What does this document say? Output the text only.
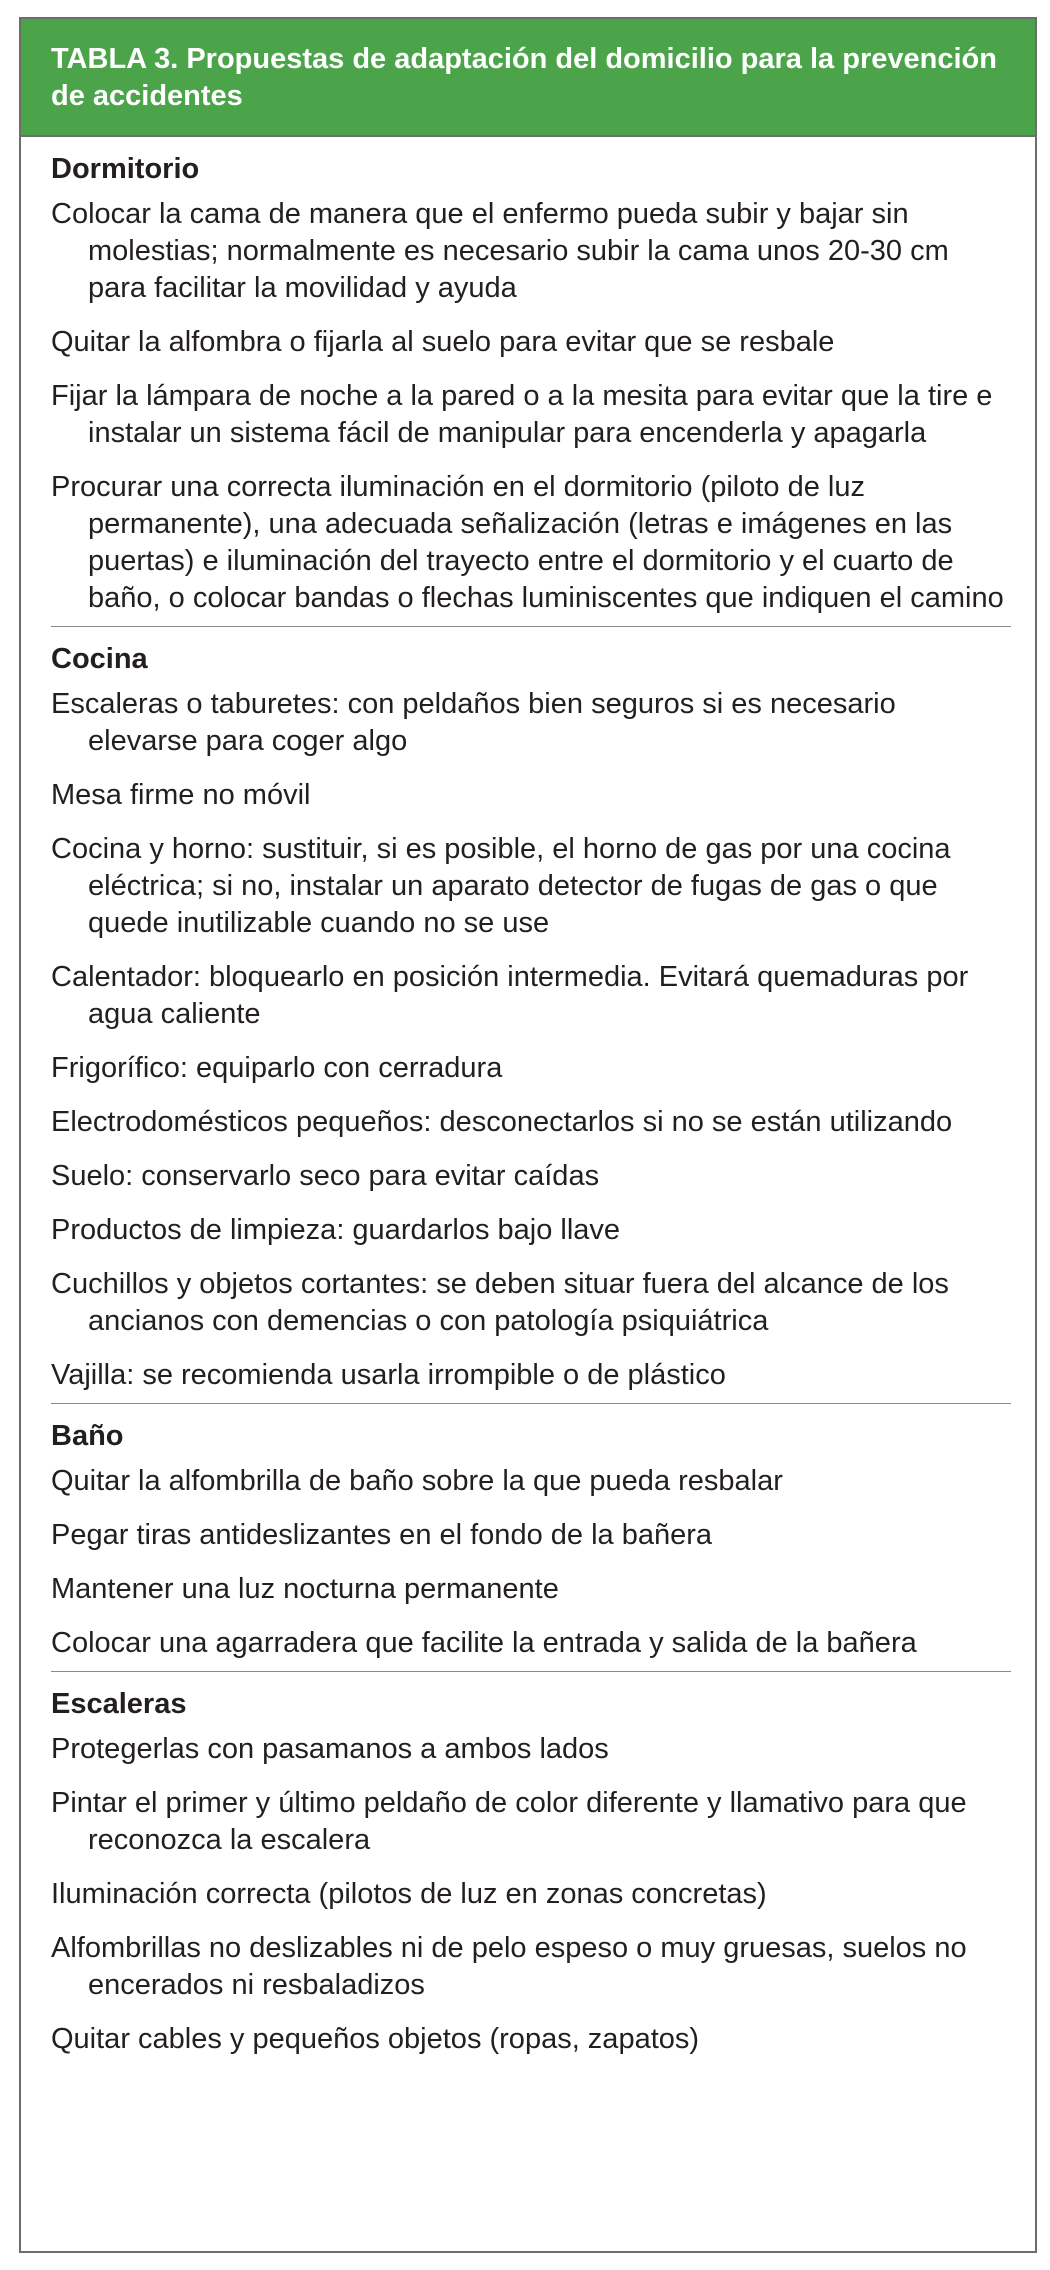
TABLA 3. Propuestas de adaptación del domicilio para la prevención de accidentes
Dormitorio

Colocar la cama de manera que el enfermo pueda subir y bajar sin molestias; normalmente es necesario subir la cama unos 20-30 cm para facilitar la movilidad y ayuda

Quitar la alfombra o fijarla al suelo para evitar que se resbale

Fijar la lámpara de noche a la pared o a la mesita para evitar que la tire e instalar un sistema fácil de manipular para encenderla y apagarla

Procurar una correcta iluminación en el dormitorio (piloto de luz permanente), una adecuada señalización (letras e imágenes en las puertas) e iluminación del trayecto entre el dormitorio y el cuarto de baño, o colocar bandas o flechas luminiscentes que indiquen el camino

Cocina

Escaleras o taburetes: con peldaños bien seguros si es necesario elevarse para coger algo

Mesa firme no móvil

Cocina y horno: sustituir, si es posible, el horno de gas por una cocina eléctrica; si no, instalar un aparato detector de fugas de gas o que quede inutilizable cuando no se use

Calentador: bloquearlo en posición intermedia. Evitará quemaduras por agua caliente

Frigorífico: equiparlo con cerradura

Electrodomésticos pequeños: desconectarlos si no se están utilizando

Suelo: conservarlo seco para evitar caídas

Productos de limpieza: guardarlos bajo llave

Cuchillos y objetos cortantes: se deben situar fuera del alcance de los ancianos con demencias o con patología psiquiátrica

Vajilla: se recomienda usarla irrompible o de plástico

Baño

Quitar la alfombrilla de baño sobre la que pueda resbalar

Pegar tiras antideslizantes en el fondo de la bañera

Mantener una luz nocturna permanente

Colocar una agarradera que facilite la entrada y salida de la bañera

Escaleras

Protegerlas con pasamanos a ambos lados

Pintar el primer y último peldaño de color diferente y llamativo para que reconozca la escalera

Iluminación correcta (pilotos de luz en zonas concretas)

Alfombrillas no deslizables ni de pelo espeso o muy gruesas, suelos no encerados ni resbaladizos

Quitar cables y pequeños objetos (ropas, zapatos)
